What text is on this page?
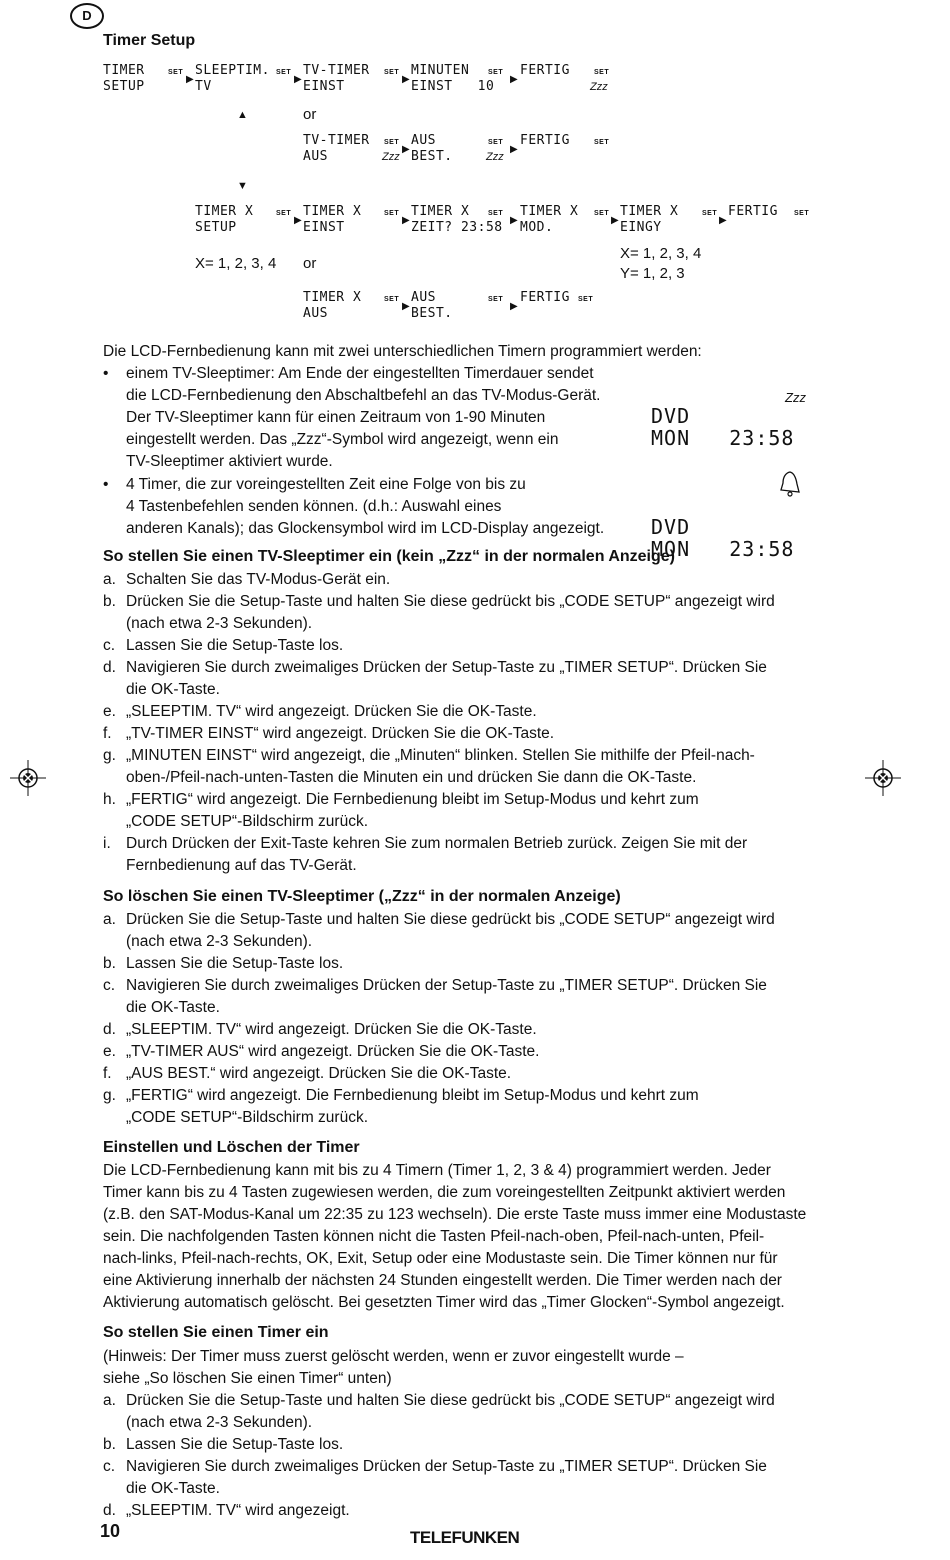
D
Timer Setup
TIMER
SETUP
SET
▶
SLEEPTIM.
TV
SET
▶
TV-TIMER
EINST
SET
▶
MINUTEN
EINST   10
SET
▶
FERTIG	SET
Zzz
▲	or
TV-TIMER
AUS
SET
Zzz
▶
AUS
BEST.
SET
Zzz
▶
FERTIG	SET
▼
TIMER X
SETUP
SET
▶
TIMER X
EINST
SET
▶
TIMER X
ZEIT? 23:58
SET
▶
TIMER X
MOD.
SET
▶
TIMER X
EINGY
SET
▶
FERTIG SET
X= 1, 2, 3, 4 or
X= 1, 2, 3, 4
Y= 1, 2, 3
TIMER X
AUS
SET
▶
AUS
BEST.
SET
▶
FERTIG SET
Die LCD-Fernbedienung kann mit zwei unterschiedlichen Timern programmiert werden:
• einem TV-Sleeptimer: Am Ende der eingestellten Timerdauer sendet
die LCD-Fernbedienung den Abschaltbefehl an das TV-Modus-Gerät.
Der TV-Sleeptimer kann für einen Zeitraum von 1-90 Minuten
eingestellt werden. Das „Zzz“-Symbol wird angezeigt, wenn ein
TV-Sleeptimer aktiviert wurde.
• 4 Timer, die zur voreingestellten Zeit eine Folge von bis zu
4 Tastenbefehlen senden können. (d.h.: Auswahl eines
anderen Kanals); das Glockensymbol wird im LCD-Display angezeigt.

DVD
MON   23:58

Zzz

DVD
MON   23:58

So stellen Sie einen TV-Sleeptimer ein (kein „Zzz“ in der normalen Anzeige)
a. Schalten Sie das TV-Modus-Gerät ein.
b. Drücken Sie die Setup-Taste und halten Sie diese gedrückt bis „CODE SETUP“ angezeigt wird
(nach etwa 2-3 Sekunden).
c. Lassen Sie die Setup-Taste los.
d. Navigieren Sie durch zweimaliges Drücken der Setup-Taste zu „TIMER SETUP“. Drücken Sie
die OK-Taste.
e. „SLEEPTIM. TV“ wird angezeigt. Drücken Sie die OK-Taste.
f. „TV-TIMER EINST“ wird angezeigt. Drücken Sie die OK-Taste.
g. „MINUTEN EINST“ wird angezeigt, die „Minuten“ blinken. Stellen Sie mithilfe der Pfeil-nach-
oben-/Pfeil-nach-unten-Tasten die Minuten ein und drücken Sie dann die OK-Taste.
h. „FERTIG“ wird angezeigt. Die Fernbedienung bleibt im Setup-Modus und kehrt zum
„CODE SETUP“-Bildschirm zurück.
i. Durch Drücken der Exit-Taste kehren Sie zum normalen Betrieb zurück. Zeigen Sie mit der
Fernbedienung auf das TV-Gerät.
So löschen Sie einen TV-Sleeptimer („Zzz“ in der normalen Anzeige)
a. Drücken Sie die Setup-Taste und halten Sie diese gedrückt bis „CODE SETUP“ angezeigt wird
(nach etwa 2-3 Sekunden).
b. Lassen Sie die Setup-Taste los.
c. Navigieren Sie durch zweimaliges Drücken der Setup-Taste zu „TIMER SETUP“. Drücken Sie
die OK-Taste.
d. „SLEEPTIM. TV“ wird angezeigt. Drücken Sie die OK-Taste.
e. „TV-TIMER AUS“ wird angezeigt. Drücken Sie die OK-Taste.
f. „AUS BEST.“ wird angezeigt. Drücken Sie die OK-Taste.
g. „FERTIG“ wird angezeigt. Die Fernbedienung bleibt im Setup-Modus und kehrt zum
„CODE SETUP“-Bildschirm zurück.
Einstellen und Löschen der Timer
Die LCD-Fernbedienung kann mit bis zu 4 Timern (Timer 1, 2, 3 & 4) programmiert werden. Jeder
Timer kann bis zu 4 Tasten zugewiesen werden, die zum voreingestellten Zeitpunkt aktiviert werden
(z.B. den SAT-Modus-Kanal um 22:35 zu 123 wechseln). Die erste Taste muss immer eine Modustaste
sein. Die nachfolgenden Tasten können nicht die Tasten Pfeil-nach-oben, Pfeil-nach-unten, Pfeil-
nach-links, Pfeil-nach-rechts, OK, Exit, Setup oder eine Modustaste sein. Die Timer können nur für
eine Aktivierung innerhalb der nächsten 24 Stunden eingestellt werden. Die Timer werden nach der
Aktivierung automatisch gelöscht. Bei gesetzten Timer wird das „Timer Glocken“-Symbol angezeigt.
So stellen Sie einen Timer ein
(Hinweis: Der Timer muss zuerst gelöscht werden, wenn er zuvor eingestellt wurde –
siehe „So löschen Sie einen Timer“ unten)
a. Drücken Sie die Setup-Taste und halten Sie diese gedrückt bis „CODE SETUP“ angezeigt wird
(nach etwa 2-3 Sekunden).
b. Lassen Sie die Setup-Taste los.
c. Navigieren Sie durch zweimaliges Drücken der Setup-Taste zu „TIMER SETUP“. Drücken Sie
die OK-Taste.
d. „SLEEPTIM. TV“ wird angezeigt.
10	TELEFUNKEN
